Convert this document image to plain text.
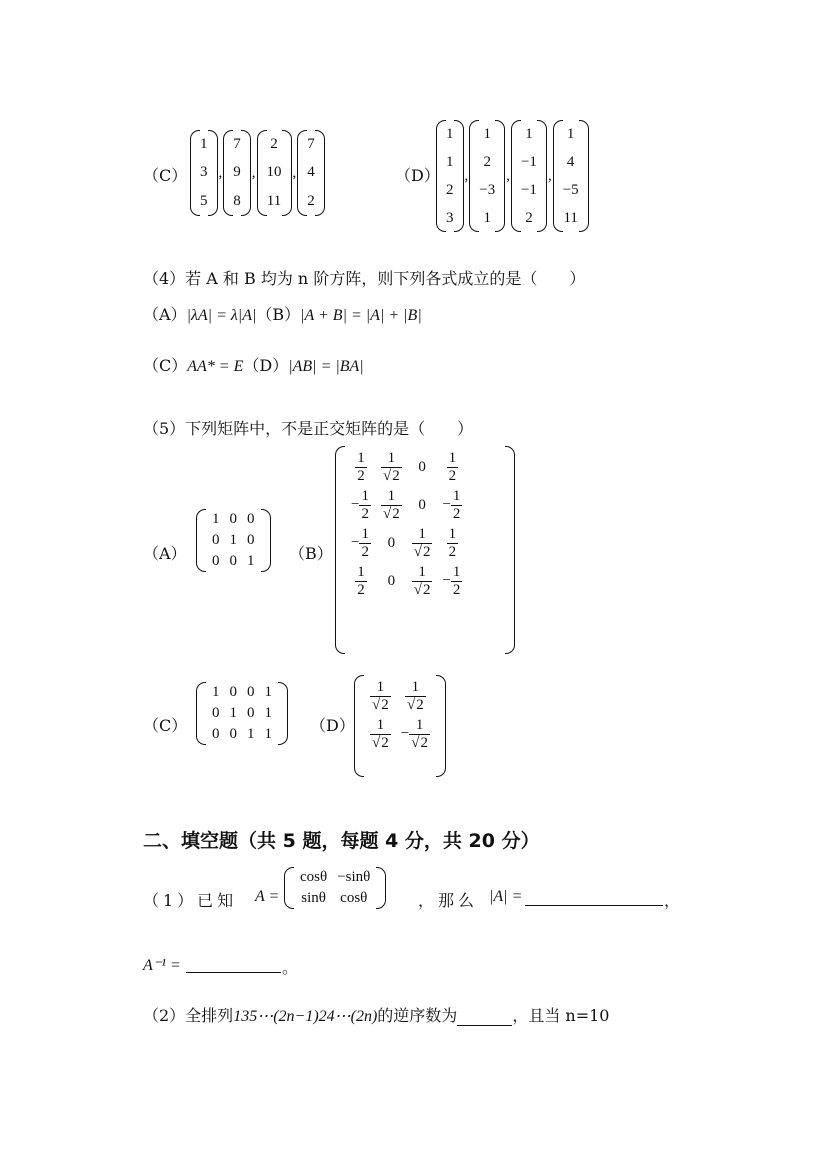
（C）
1
3
5
,
7
9
8
,
2
10
11
,
7
4
2
（D）
1
1
2
3
,
1
2
−3
1
,
1
−1
−1
2
,
1
4
−5
11
（4）若 A 和 B 均为 n 阶方阵，则下列各式成立的是（　　）
（A）|λA| = λ|A|（B）|A + B| = |A| + |B|
（C）AA* = E（D）|AB| = |BA|
（5）下列矩阵中，不是正交矩阵的是（　　）
（A）
1	0	0
0	1	0
0	0	1 （B）
$\frac{1}{2}$	$\frac{1}{√2}$	0	$\frac{1}{2}$

− $\frac{1}{2}$	$\frac{1}{√2}$	0	− $\frac{1}{2}$

− $\frac{1}{2}$	0	$\frac{1}{√2}$	$\frac{1}{2}$

$\frac{1}{2}$	0	$\frac{1}{√2}$	− $\frac{1}{2}$
（C）
1	0	0	1
0	1	0	1
0	0	1	1 （D）
$\frac{1}{√2}$	$\frac{1}{√2}$

$\frac{1}{√2}$	− $\frac{1}{√2}$
二、填空题（共 5 题，每题 4 分，共 20 分）
（1）已知 A =
cosθ	−sinθ
sinθ	cosθ	，那么 |A| =	，
A⁻¹ =	。
（2）全排列135⋯(2n−1)24⋯(2n)的逆序数为	，且当 n=10
